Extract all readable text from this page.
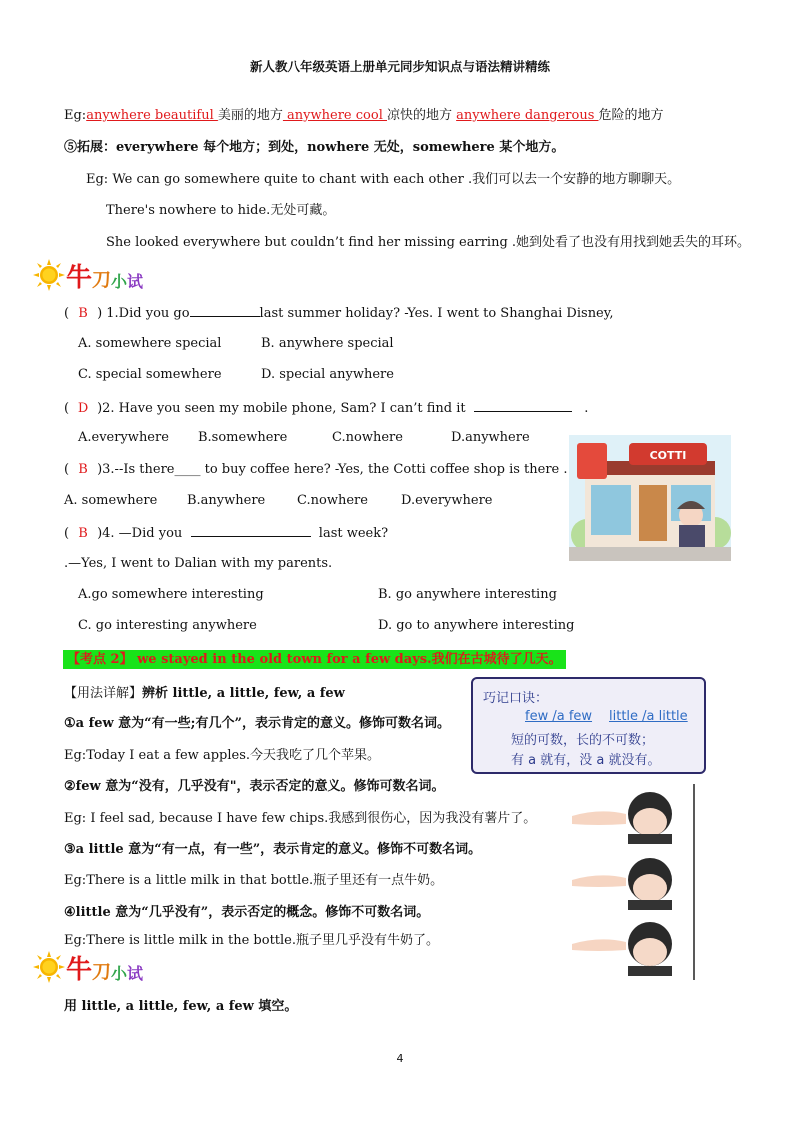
新人教八年级英语上册单元同步知识点与语法精讲精练
Eg:anywhere beautiful 美丽的地方 anywhere cool 凉快的地方 anywhere dangerous 危险的地方
⑤拓展：everywhere 每个地方；到处，nowhere 无处，somewhere 某个地方。
Eg: We can go somewhere quite to chant with each other .我们可以去一个安静的地方聊聊天。
There's nowhere to hide.无处可藏。
She looked everywhere but couldn’t find her missing earring .她到处看了也没有用找到她丢失的耳环。
牛 刀 小 试
( B ) 1.Did you go	last summer holiday? -Yes. I went to Shanghai Disney,
A. somewhere special	B. anywhere special
C. special somewhere	D. special anywhere
( D )2. Have you seen my mobile phone, Sam? I can’t find it	.
A.everywhere B.somewhere	C.nowhere	D.anywhere
( B )3.--Is there____ to buy coffee here? -Yes, the Cotti coffee shop is there .
A. somewhere B.anywhere C.nowhere	D.everywhere
( B )4. —Did you	last week?
.—Yes, I went to Dalian with my parents.
A.go somewhere interesting	B. go anywhere interesting
C. go interesting anywhere	D. go to anywhere interesting
COTTI
【考点 2】 we stayed in the old town for a few days.我们在古城待了几天。
【用法详解】辨析 little, a little, few, a few
①a few 意为“有一些;有几个”，表示肯定的意义。修饰可数名词。
Eg:Today I eat a few apples.今天我吃了几个苹果。
②few 意为“没有，几乎没有"，表示否定的意义。修饰可数名词。
Eg: I feel sad, because I have few chips.我感到很伤心，因为我没有薯片了。
③a little 意为“有一点，有一些”，表示肯定的意义。修饰不可数名词。
Eg:There is a little milk in that bottle.瓶子里还有一点牛奶。
④little 意为“几乎没有”，表示否定的概念。修饰不可数名词。
Eg:There is little milk in the bottle.瓶子里几乎没有牛奶了。
巧记口诀：
few /a few little /a little
短的可数，长的不可数；
有 a 就有，没 a 就没有。
牛 刀 小 试
用 little, a little, few, a few 填空。
4
